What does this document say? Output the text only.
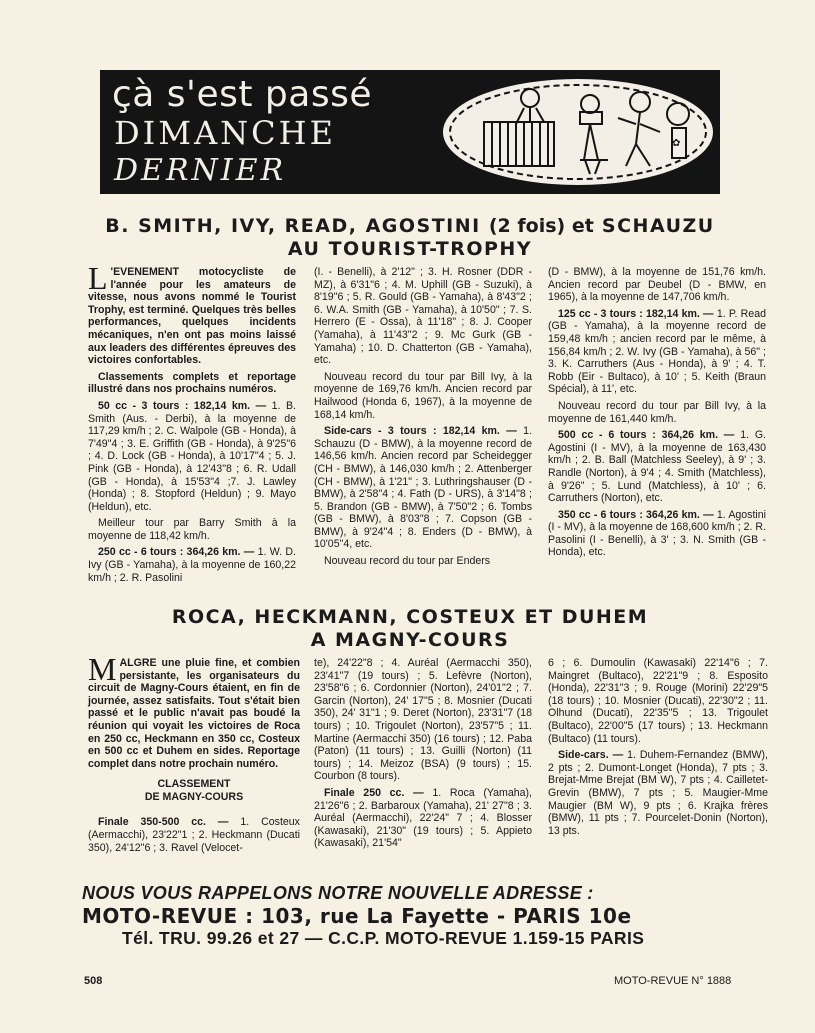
çà s'est passé
DIMANCHE
DERNIER
✿
B. SMITH, IVY, READ, AGOSTINI (2 fois) et SCHAUZU
AU TOURIST-TROPHY

L 'EVENEMENT motocycliste de l'année pour les amateurs de vitesse, nous avons nommé le Tourist Trophy, est terminé. Quelques très belles performances, quelques incidents mécaniques, n'en ont pas moins laissé aux leaders des différentes épreuves des victoires confortables.

Classements complets et reportage illustré dans nos prochains numéros.

50 cc - 3 tours : 182,14 km. — 1. B. Smith (Aus. - Derbi), à la moyenne de 117,29 km/h ; 2. C. Walpole (GB - Honda), à 7'49"4 ; 3. E. Griffith (GB - Honda), à 9'25"6 ; 4. D. Lock (GB - Honda), à 10'17"4 ; 5. J. Pink (GB - Honda), à 12'43"8 ; 6. R. Udall (GB - Honda), à 15'53"4 ;7. J. Lawley (Honda) ; 8. Stopford (Heldun) ; 9. Mayo (Heldun), etc.

Meilleur tour par Barry Smith à la moyenne de 118,42 km/h.

250 cc - 6 tours : 364,26 km. — 1. W. D. Ivy (GB - Yamaha), à la moyenne de 160,22 km/h ; 2. R. Pasolini

(I. - Benelli), à 2'12" ; 3. H. Rosner (DDR - MZ), à 6'31"6 ; 4. M. Uphill (GB - Suzuki), à 8'19"6 ; 5. R. Gould (GB - Yamaha), à 8'43"2 ; 6. W.A. Smith (GB - Yamaha), à 10'50" ; 7. S. Herrero (E - Ossa), à 11'18" ; 8. J. Cooper (Yamaha), à 11'43"2 ; 9. Mc Gurk (GB - Yamaha) ; 10. D. Chatterton (GB - Yamaha), etc.

Nouveau record du tour par Bill Ivy, à la moyenne de 169,76 km/h. Ancien record par Hailwood (Honda 6, 1967), à la moyenne de 168,14 km/h.

Side-cars - 3 tours : 182,14 km. — 1. Schauzu (D - BMW), à la moyenne record de 146,56 km/h. Ancien record par Scheidegger (CH - BMW), à 146,030 km/h ; 2. Attenberger (CH - BMW), à 1'21" ; 3. Luthringshauser (D - BMW), à 2'58"4 ; 4. Fath (D - URS), à 3'14"8 ; 5. Brandon (GB - BMW), à 7'50"2 ; 6. Tombs (GB - BMW), à 8'03"8 ; 7. Copson (GB - BMW), à 9'24"4 ; 8. Enders (D - BMW), à 10'05"4, etc.

Nouveau record du tour par Enders

(D - BMW), à la moyenne de 151,76 km/h. Ancien record par Deubel (D - BMW, en 1965), à la moyenne de 147,706 km/h.

125 cc - 3 tours : 182,14 km. — 1. P. Read (GB - Yamaha), à la moyenne record de 159,48 km/h ; ancien record par le même, à 156,84 km/h ; 2. W. Ivy (GB - Yamaha), à 56" ; 3. K. Carruthers (Aus - Honda), à 9' ; 4. T. Robb (Eir - Bultaco), à 10' ; 5. Keith (Braun Spécial), à 11', etc.

Nouveau record du tour par Bill Ivy, à la moyenne de 161,440 km/h.

500 cc - 6 tours : 364,26 km. — 1. G. Agostini (I - MV), à la moyenne de 163,430 km/h ; 2. B. Ball (Matchless Seeley), à 9' ; 3. Randle (Norton), à 9'4 ; 4. Smith (Matchless), à 9'26" ; 5. Lund (Matchless), à 10' ; 6. Carruthers (Norton), etc.

350 cc - 6 tours : 364,26 km. — 1. Agostini (I - MV), à la moyenne de 168,600 km/h ; 2. R. Pasolini (I - Benelli), à 3' ; 3. N. Smith (GB - Honda), etc.

ROCA, HECKMANN, COSTEUX ET DUHEM
A MAGNY-COURS

MALGRE une pluie fine, et combien persistante, les organisateurs du circuit de Magny-Cours étaient, en fin de journée, assez satisfaits. Tout s'était bien passé et le public n'avait pas boudé la réunion qui voyait les victoires de Roca en 250 cc, Heckmann en 350 cc, Costeux en 500 cc et Duhem en sides. Reportage complet dans notre prochain numéro.

CLASSEMENT
DE MAGNY-COURS

Finale 350-500 cc. — 1. Costeux (Aermacchi), 23'22"1 ; 2. Heckmann (Ducati 350), 24'12"6 ; 3. Ravel (Velocet-

te), 24'22"8 ; 4. Auréal (Aermacchi 350), 23'41"7 (19 tours) ; 5. Lefèvre (Norton), 23'58"6 ; 6. Cordonnier (Norton), 24'01"2 ; 7. Garcin (Norton), 24' 17"5 ; 8. Mosnier (Ducati 350), 24' 31"1 ; 9. Deret (Norton), 23'31"7 (18 tours) ; 10. Trigoulet (Norton), 23'57"5 ; 11. Martine (Aermacchi 350) (16 tours) ; 12. Paba (Paton) (11 tours) ; 13. Guilli (Norton) (11 tours) ; 14. Meizoz (BSA) (9 tours) ; 15. Courbon (8 tours).

Finale 250 cc. — 1. Roca (Yamaha), 21'26"6 ; 2. Barbaroux (Yamaha), 21' 27"8 ; 3. Auréal (Aermacchi), 22'24" 7 ; 4. Blosser (Kawasaki), 21'30" (19 tours) ; 5. Appieto (Kawasaki), 21'54"

6 ; 6. Dumoulin (Kawasaki) 22'14"6 ; 7. Maingret (Bultaco), 22'21"9 ; 8. Esposito (Honda), 22'31"3 ; 9. Rouge (Morini) 22'29"5 (18 tours) ; 10. Mosnier (Ducati), 22'30"2 ; 11. Olhund (Ducati), 22'35"5 ; 13. Trigoulet (Bultaco), 22'00"5 (17 tours) ; 13. Heckmann (Bultaco) (11 tours).

Side-cars. — 1. Duhem-Fernandez (BMW), 2 pts ; 2. Dumont-Longet (Honda), 7 pts ; 3. Brejat-Mme Brejat (BM W), 7 pts ; 4. Cailletet-Grevin (BMW), 7 pts ; 5. Maugier-Mme Maugier (BM W), 9 pts ; 6. Krajka frères (BMW), 11 pts ; 7. Pourcelet-Donin (Norton), 13 pts.

NOUS VOUS RAPPELONS NOTRE NOUVELLE ADRESSE :
MOTO-REVUE : 103, rue La Fayette - PARIS 10e
Tél. TRU. 99.26 et 27 — C.C.P. MOTO-REVUE 1.159-15 PARIS
508	MOTO-REVUE N° 1888
